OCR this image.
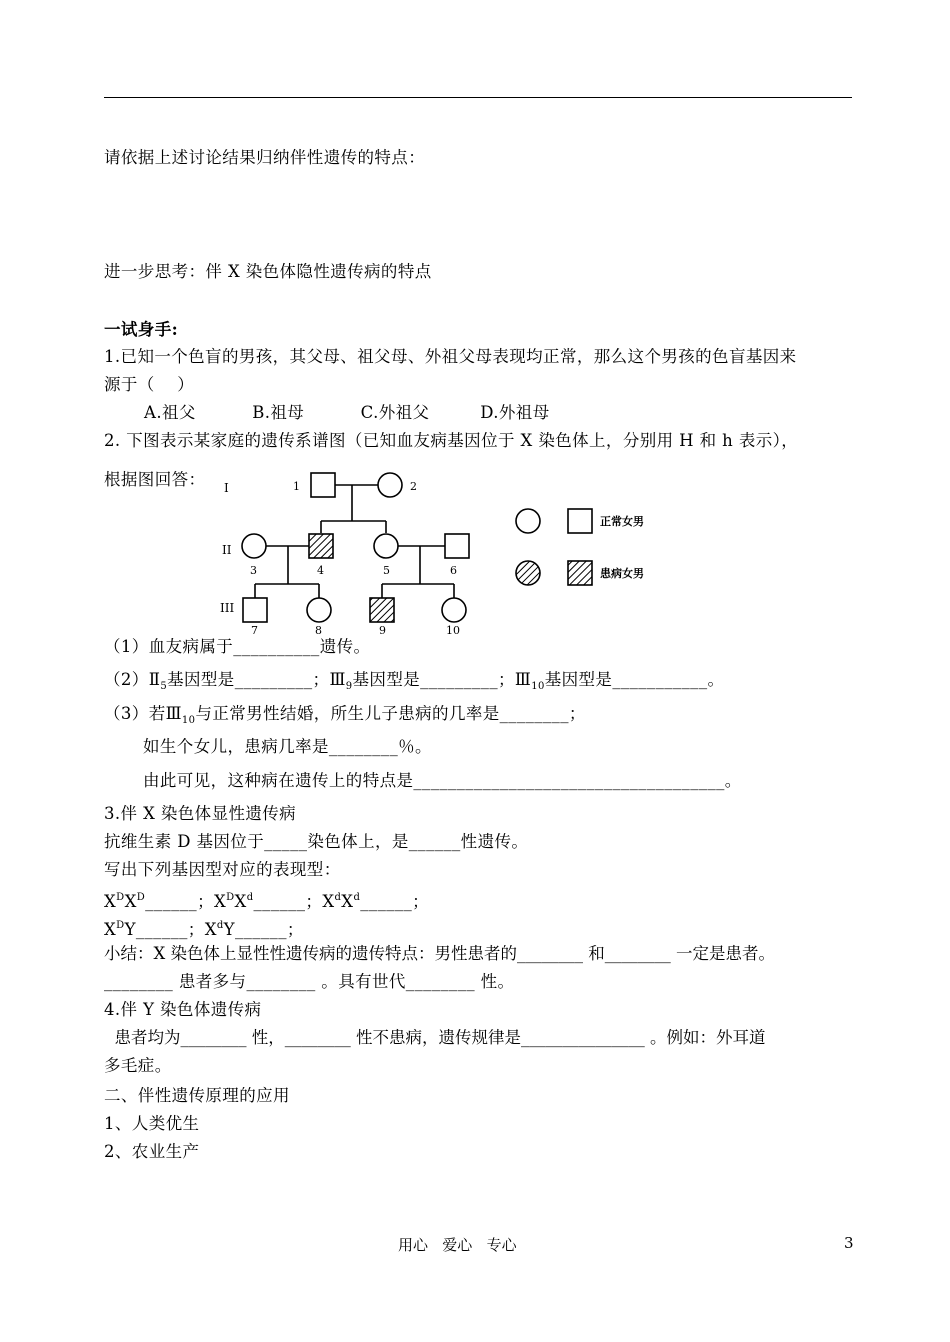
请依据上述讨论结果归纳伴性遗传的特点：
进一步思考：伴 X 染色体隐性遗传病的特点
一试身手:
1.已知一个色盲的男孩，其父母、祖父母、外祖父母表现均正常，那么这个男孩的色盲基因来
源于（    ）
A.祖父          B.祖母          C.外祖父         D.外祖母
2. 下图表示某家庭的遗传系谱图（已知血友病基因位于 X 染色体上，分别用 H 和 h 表示），
根据图回答： I
II
III
1	2
3	4	5	6
7	8	9	10
正常女男
患病女男
（1）血友病属于__________遗传。
$(2)Ⅱ_5$基因型是_________；$Ⅲ_9$基因型是_________；$Ⅲ_{10}$基因型是___________。
（3）若$Ⅲ_{10}$与正常男性结婚，所生儿子患病的几率是________；
如生个女儿，患病几率是________％。
由此可见，这种病在遗传上的特点是____________________________________。
3.伴 X 染色体显性遗传病
抗维生素 D 基因位于_____染色体上，是______性遗传。
写出下列基因型对应的表现型：
$X^DX^D\_\_\_\_\_\_$；$X^DX^d\_\_\_\_\_\_$；$X^dX^d\_\_\_\_\_\_$；
$X^DY\_\_\_\_\_\_$；$X^dY\_\_\_\_\_\_$；
小结：X 染色体上显性性遗传病的遗传特点：男性患者的________ 和________ 一定是患者。
________ 患者多与________ 。具有世代________ 性。
4.伴 Y 染色体遗传病
患者均为________ 性，________ 性不患病，遗传规律是_______________ 。例如：外耳道
多毛症。
二、伴性遗传原理的应用
1、人类优生
2、农业生产
用心   爱心   专心	3
